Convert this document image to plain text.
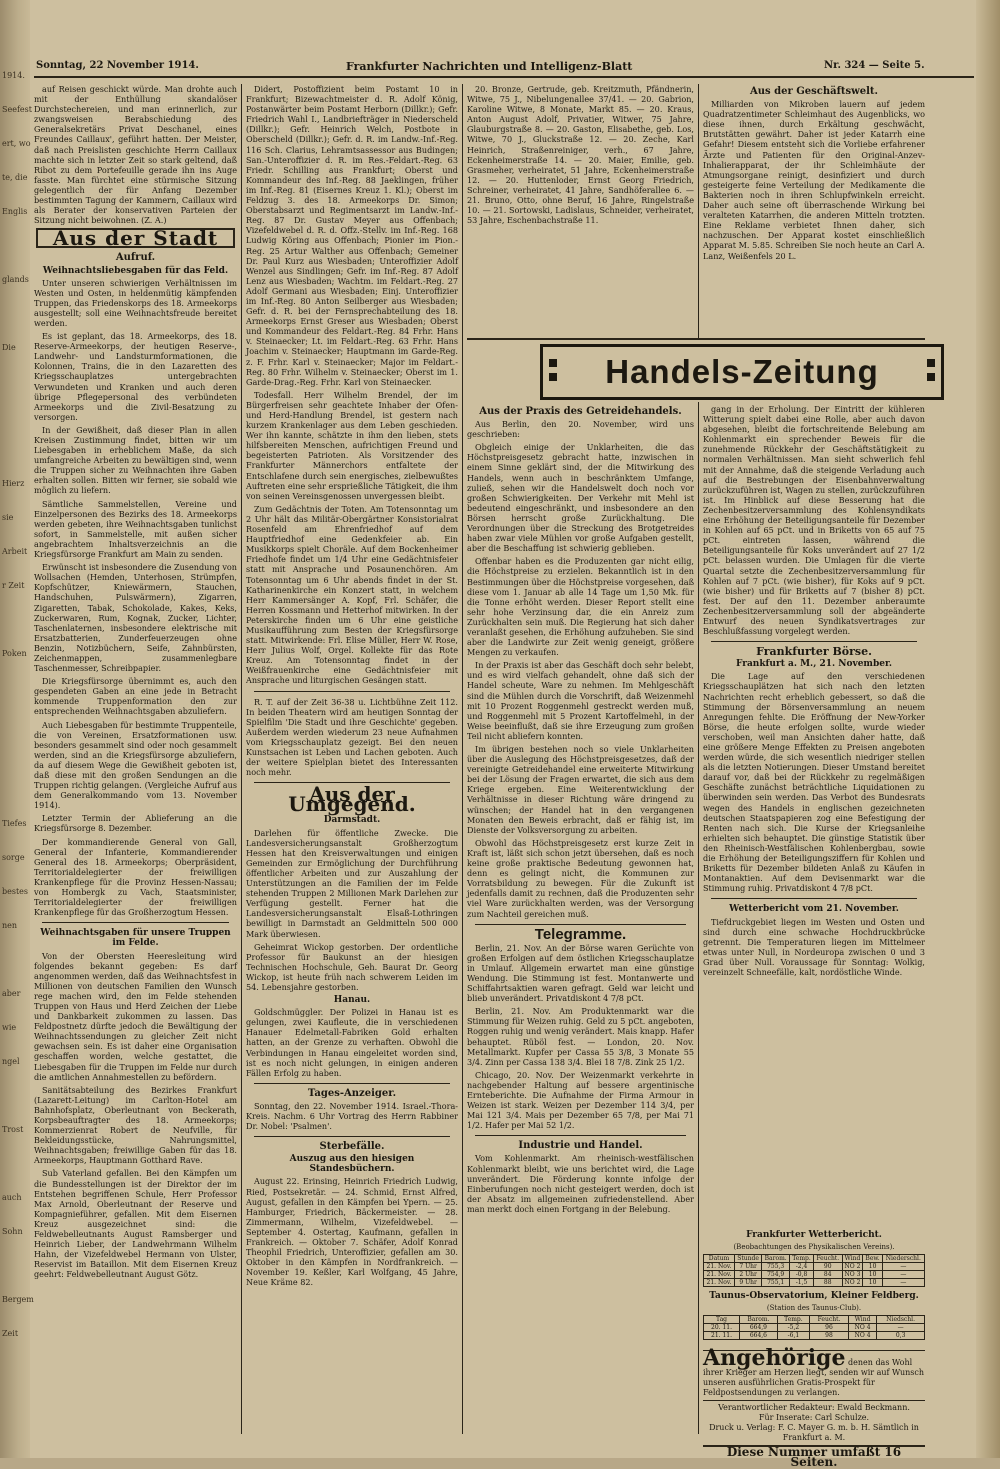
Sonntag, 22 November 1914.	Frankfurter Nachrichten und Intelligenz-Blatt	Nr. 324 — Seite 5.

auf Reisen geschickt würde. Man drohte auch mit der Enthüllung skandalöser Durchstechereien, und man erinnerlich, zur zwangsweisen Berabschiedung des Generalsekretärs Privat Deschanel, eines Freundes Caillaux', geführt hatten. Der Meister, daß nach Preislisten geschichte Herrn Caillaux machte sich in letzter Zeit so stark geltend, daß Ribot zu dem Portefeuille gerade ihn ins Auge fasste. Man fürchtet eine stürmische Sitzung gelegentlich der für Anfang Dezember bestimmten Tagung der Kammern, Caillaux wird als Berater der konservativen Parteien der Sitzung nicht beiwohnen. (Z. A.)

Aus der Stadt
Aufruf.
Weihnachtsliebesgaben für das Feld.

Unter unseren schwierigen Verhältnissen im Westen und Osten, in heldenmütig kämpfenden Truppen, das Friedenskorps des 18. Armeekorps ausgestellt; soll eine Weihnachtsfreude bereitet werden.

Es ist geplant, das 18. Armeekorps, des 18. Reserve-Armeekorps, der heutigen Reserve-, Landwehr- und Landsturmformationen, die Kolonnen, Trains, die in den Lazaretten des Kriegsschauplatzes untergebrachten Verwundeten und Kranken und auch deren übrige Pflegepersonal des verbündeten Armeekorps und die Zivil-Besatzung zu versorgen.

In der Gewißheit, daß dieser Plan in allen Kreisen Zustimmung findet, bitten wir um Liebesgaben in erheblichem Maße, da sich umfangreiche Arbeiten zu bewältigen sind, wenn die Truppen sicher zu Weihnachten ihre Gaben erhalten sollen. Bitten wir ferner, sie sobald wie möglich zu liefern.

Sämtliche Sammelstellen, Vereine und Einzelpersonen des Bezirks des 18. Armeekorps werden gebeten, ihre Weihnachtsgaben tunlichst sofort, in Sammelstelle, mit außen sicher angebrachtem Inhaltsverzeichnis an die Kriegsfürsorge Frankfurt am Main zu senden.

Erwünscht ist insbesondere die Zusendung von Wollsachen (Hemden, Unterhosen, Strümpfen, Kopfschützer, Kniewärmern, Stauchen, Handschuhen, Pulswärmern), Zigarren, Zigaretten, Tabak, Schokolade, Kakes, Keks, Zuckerwaren, Rum, Kognak, Zucker, Lichter, Taschenlaternen, insbesondere elektrische mit Ersatzbatterien, Zunderfeuerzeugen ohne Benzin, Notizbüchern, Seife, Zahnbürsten, Zeichenmappen, zusammenlegbare Taschenmesser, Schreibpapier.

Die Kriegsfürsorge übernimmt es, auch den gespendeten Gaben an eine jede in Betracht kommende Truppenformation den zur entsprechenden Weihnachtsgaben abzuliefern.

Auch Liebesgaben für bestimmte Truppenteile, die von Vereinen, Ersatzformationen usw. besonders gesammelt sind oder noch gesammelt werden, sind an die Kriegsfürsorge abzuliefern, da auf diesem Wege die Gewißheit geboten ist, daß diese mit den großen Sendungen an die Truppen richtig gelangen. (Vergleiche Aufruf aus dem Generalkommando vom 13. November 1914).

Letzter Termin der Ablieferung an die Kriegsfürsorge 8. Dezember.

Der kommandierende General von Gall, General der Infanterie, Kommandierender General des 18. Armeekorps; Oberpräsident, Territorialdelegierter der freiwilligen Krankenpflege für die Provinz Hessen-Nassau; von Hombergk zu Vach, Staatsminister, Territorialdelegierter der freiwilligen Krankenpflege für das Großherzogtum Hessen.

Weihnachtsgaben für unsere Truppen im Felde.

Von der Obersten Heeresleitung wird folgendes bekannt gegeben: Es darf angenommen werden, daß das Weihnachtsfest in Millionen von deutschen Familien den Wunsch rege machen wird, den im Felde stehenden Truppen von Haus und Herd Zeichen der Liebe und Dankbarkeit zukommen zu lassen. Das Feldpostnetz dürfte jedoch die Bewältigung der Weihnachtssendungen zu gleicher Zeit nicht gewachsen sein. Es ist daher eine Organisation geschaffen worden, welche gestattet, die Liebesgaben für die Truppen im Felde nur durch die amtlichen Annahmestellen zu befördern.

Sanitätsabteilung des Bezirkes Frankfurt (Lazarett-Leitung) im Carlton-Hotel am Bahnhofsplatz, Oberleutnant von Beckerath, Korpsbeauftragter des 18. Armeekorps; Kommerzienrat Robert de Neufville, für Bekleidungsstücke, Nahrungsmittel, Weihnachtsgaben; freiwillige Gaben für das 18. Armeekorps, Hauptmann Gotthard Rave.

Sub Vaterland gefallen. Bei den Kämpfen um die Bundesstellungen ist der Direktor der im Entstehen begriffenen Schule, Herr Professor Max Arnold, Oberleutnant der Reserve und Kompagnieführer, gefallen. Mit dem Eisernen Kreuz ausgezeichnet sind: die Feldwebelleutnants August Ramsberger und Heinrich Lieber, der Landwehrmann Wilhelm Hahn, der Vizefeldwebel Hermann von Ulster, Reservist im Bataillon. Mit dem Eisernen Kreuz geehrt: Feldwebelleutnant August Götz.

Didert, Postoffizient beim Postamt 10 in Frankfurt; Bizewachtmeister d. R. Adolf König, Postanwärter beim Postamt Herborn (Dillkr.); Gefr. Friedrich Wahl I., Landbriefträger in Niederscheld (Dillkr.); Gefr. Heinrich Welch, Postbote in Oberscheld (Dillkr.); Gefr. d. R. im Landw.-Inf.-Reg. 116 Sch. Clarius, Lehramtsassessor aus Budingen; San.-Unteroffizier d. R. im Res.-Feldart.-Reg. 63 Friedr. Schilling aus Frankfurt; Oberst und Kommandeur des Inf.-Reg. 88 Jaeklingen, früher im Inf.-Reg. 81 (Eisernes Kreuz 1. Kl.); Oberst im Feldzug 3. des 18. Armeekorps Dr. Simon; Oberstabsarzt und Regimentsarzt im Landw.-Inf.-Reg. 87 Dr. Gustav Meyer aus Offenbach; Vizefeldwebel d. R. d. Offz.-Stellv. im Inf.-Reg. 168 Ludwig Köring aus Offenbach; Pionier im Pion.-Reg. 25 Artur Walther aus Offenbach; Gemeiner Dr. Paul Kurz aus Wiesbaden; Unteroffizier Adolf Wenzel aus Sindlingen; Gefr. im Inf.-Reg. 87 Adolf Lenz aus Wiesbaden; Wachtm. im Feldart.-Reg. 27 Adolf Germani aus Wiesbaden; Einj. Unteroffizier im Inf.-Reg. 80 Anton Seilberger aus Wiesbaden; Gefr. d. R. bei der Fernsprechabteilung des 18. Armeekorps Ernst Greser aus Wiesbaden; Oberst und Kommandeur des Feldart.-Reg. 84 Frhr. Hans v. Steinaecker; Lt. im Feldart.-Reg. 63 Frhr. Hans Joachim v. Steinaecker; Hauptmann im Garde-Reg. z. F. Frhr. Karl v. Steinaecker; Major im Feldart.-Reg. 80 Frhr. Wilhelm v. Steinaecker; Oberst im 1. Garde-Drag.-Reg. Frhr. Karl von Steinaecker.

Todesfall. Herr Wilhelm Brendel, der im Bürgerfreisen sehr geachtete Inhaber der Ofen- und Herd-Handlung Brendel, ist gestern nach kurzem Krankenlager aus dem Leben geschieden. Wer ihn kannte, schätzte in ihm den lieben, stets hilfsbereiten Menschen, aufrichtigen Freund und begeisterten Patrioten. Als Vorsitzender des Frankfurter Männerchors entfaltete der Entschlafene durch sein energisches, zielbewußtes Auftreten eine sehr ersprießliche Tätigkeit, die ihm von seinen Vereinsgenossen unvergessen bleibt.

Zum Gedächtnis der Toten. Am Totensonntag um 2 Uhr hält das Militär-Obergärtner Konsistorialrat Rosenfeld am Ehrenfriedhof auf dem Hauptfriedhof eine Gedenkfeier ab. Ein Musikkorps spielt Choräle. Auf dem Bockenheimer Friedhofe findet um 1/4 Uhr eine Gedächtnisfeier statt mit Ansprache und Posaunenchören. Am Totensonntag um 6 Uhr abends findet in der St. Katharinenkirche ein Konzert statt, in welchem Herr Kammersänger A. Kopf, Frl. Schäfer, die Herren Kossmann und Hetterhof mitwirken. In der Peterskirche finden um 6 Uhr eine geistliche Musikaufführung zum Besten der Kriegsfürsorge statt. Mitwirkende: Frl. Elise Müller, Herr W. Rose, Herr Julius Wolf, Orgel. Kollekte für das Rote Kreuz. Am Totensonntag findet in der Weißfrauenkirche eine Gedächtnisfeier mit Ansprache und liturgischen Gesängen statt.

R. T. auf der Zeit 36-38 u. Lichtbühne Zeit 112. In beiden Theatern wird am heutigen Sonntag der Spielfilm 'Die Stadt und ihre Geschichte' gegeben. Außerdem werden wiederum 23 neue Aufnahmen vom Kriegsschauplatz gezeigt. Bei den neuen Kunstsachen ist Leben und Lachen geboten. Auch der weitere Spielplan bietet des Interessanten noch mehr.

Aus der Umgegend.
Darmstadt.

Darlehen für öffentliche Zwecke. Die Landesversicherungsanstalt Großherzogtum Hessen hat den Kreisverwaltungen und einigen Gemeinden zur Ermöglichung der Durchführung öffentlicher Arbeiten und zur Auszahlung der Unterstützungen an die Familien der im Felde stehenden Truppen 2 Millionen Mark Darlehen zur Verfügung gestellt. Ferner hat die Landesversicherungsanstalt Elsaß-Lothringen bewilligt in Darmstadt an Geldmitteln 500 000 Mark überwiesen.

Geheimrat Wickop gestorben. Der ordentliche Professor für Baukunst an der hiesigen Technischen Hochschule, Geh. Baurat Dr. Georg Wickop, ist heute früh nach schwerem Leiden im 54. Lebensjahre gestorben.

Hanau.

Goldschmüggler. Der Polizei in Hanau ist es gelungen, zwei Kaufleute, die in verschiedenen Hanauer Edelmetall-Fabriken Gold erhalten hatten, an der Grenze zu verhaften. Obwohl die Verbindungen in Hanau eingeleitet worden sind, ist es noch nicht gelungen, in einigen anderen Fällen Erfolg zu haben.

Tages-Anzeiger.

Sonntag, den 22. November 1914. Israel.-Thora-Kreis. Nachm. 6 Uhr Vortrag des Herrn Rabbiner Dr. Nobel: 'Psalmen'.

Sterbefälle.
Auszug aus den hiesigen Standesbüchern.

August 22. Erinsing, Heinrich Friedrich Ludwig, Ried, Postsekretär. — 24. Schmid, Ernst Alfred, August, gefallen in den Kämpfen bei Ypern. — 25. Hamburger, Friedrich, Bäckermeister. — 28. Zimmermann, Wilhelm, Vizefeldwebel. — September 4. Ostertag, Kaufmann, gefallen in Frankreich. — Oktober 7. Schäfer, Adolf Konrad Theophil Friedrich, Unteroffizier, gefallen am 30. Oktober in den Kämpfen in Nordfrankreich. — November 19. Keßler, Karl Wolfgang, 45 Jahre, Neue Kräme 82.

20. Bronze, Gertrude, geb. Kreitzmuth, Pfändnerin, Witwe, 75 J., Nibelungenallee 37/41. — 20. Gabrion, Karoline Witwe, 8 Monate, Markt 85. — 20. Kraus, Anton August Adolf, Privatier, Witwer, 75 Jahre, Glauburgstraße 8. — 20. Gaston, Elisabethe, geb. Los, Witwe, 70 J., Gluckstraße 12. — 20. Zeche, Karl Heinrich, Straßenreiniger, verh., 67 Jahre, Eckenheimerstraße 14. — 20. Maier, Emilie, geb. Grasmeher, verheiratet, 51 Jahre, Eckenheimerstraße 12. — 20. Huttenloder, Ernst Georg Friedrich, Schreiner, verheiratet, 41 Jahre, Sandhöferallee 6. — 21. Bruno, Otto, ohne Beruf, 16 Jahre, Ringelstraße 10. — 21. Sortowski, Ladislaus, Schneider, verheiratet, 53 Jahre, Eschenbachstraße 11.

Aus der Geschäftswelt.

Milliarden von Mikroben lauern auf jedem Quadratzentimeter Schleimhaut des Augenblicks, wo diese ihnen, durch Erkältung geschwächt, Brutstätten gewährt. Daher ist jeder Katarrh eine Gefahr! Diesem entsteht sich die Vorliebe erfahrener Ärzte und Patienten für den Original-Anzev-Inhalierapparat, der ihr Schleimhäute der Atmungsorgane reinigt, desinfiziert und durch gesteigerte feine Verteilung der Medikamente die Bakterien noch in ihren Schlupfwinkeln erreicht. Daher auch seine oft überraschende Wirkung bei veralteten Katarrhen, die anderen Mitteln trotzten. Eine Reklame verbietet Ihnen daher, sich nachzuschen. Der Apparat kostet einschließlich Apparat M. 5.85. Schreiben Sie noch heute an Carl A. Lanz, Weißenfels 20 L.

Handels-Zeitung
Aus der Praxis des Getreidehandels.

Aus Berlin, den 20. November, wird uns geschrieben:

Obgleich einige der Unklarheiten, die das Höchstpreisgesetz gebracht hatte, inzwischen in einem Sinne geklärt sind, der die Mitwirkung des Handels, wenn auch in beschränktem Umfange, zuließ, sehen wir die Handelswelt doch noch vor großen Schwierigkeiten. Der Verkehr mit Mehl ist bedeutend eingeschränkt, und insbesondere an den Börsen herrscht große Zurückhaltung. Die Verordnungen über die Streckung des Brotgetreides haben zwar viele Mühlen vor große Aufgaben gestellt, aber die Beschaffung ist schwierig geblieben.

Offenbar haben es die Produzenten gar nicht eilig, die Höchstpreise zu erzielen. Bekanntlich ist in den Bestimmungen über die Höchstpreise vorgesehen, daß diese vom 1. Januar ab alle 14 Tage um 1,50 Mk. für die Tonne erhöht werden. Dieser Report stellt eine sehr hohe Verzinsung dar, die ein Anreiz zum Zurückhalten sein muß. Die Regierung hat sich daher veranlaßt gesehen, die Erhöhung aufzuheben. Sie sind aber die Landwirte zur Zeit wenig geneigt, größere Mengen zu verkaufen.

In der Praxis ist aber das Geschäft doch sehr belebt, und es wird vielfach gehandelt, ohne daß sich der Handel scheute, Ware zu nehmen. Im Mehlgeschäft sind die Mühlen durch die Vorschrift, daß Weizenmehl mit 10 Prozent Roggenmehl gestreckt werden muß, und Roggenmehl mit 5 Prozent Kartoffelmehl, in der Weise beeinflußt, daß sie ihre Erzeugung zum großen Teil nicht abliefern konnten.

Im übrigen bestehen noch so viele Unklarheiten über die Auslegung des Höchstpreisgesetzes, daß der vereinigte Getreidehandel eine erweiterte Mitwirkung bei der Lösung der Fragen erwartet, die sich aus dem Kriege ergeben. Eine Weiterentwicklung der Verhältnisse in dieser Richtung wäre dringend zu wünschen; der Handel hat in den vergangenen Monaten den Beweis erbracht, daß er fähig ist, im Dienste der Volksversorgung zu arbeiten.

Obwohl das Höchstpreisgesetz erst kurze Zeit in Kraft ist, läßt sich schon jetzt übersehen, daß es noch keine große praktische Bedeutung gewonnen hat, denn es gelingt nicht, die Kommunen zur Vorratsbildung zu bewegen. Für die Zukunft ist jedenfalls damit zu rechnen, daß die Produzenten sehr viel Ware zurückhalten werden, was der Versorgung zum Nachteil gereichen muß.

Telegramme.

Berlin, 21. Nov. An der Börse waren Gerüchte von großen Erfolgen auf dem östlichen Kriegsschauplatze in Umlauf. Allgemein erwartet man eine günstige Wendung. Die Stimmung ist fest. Montanwerte und Schiffahrtsaktien waren gefragt. Geld war leicht und blieb unverändert. Privatdiskont 4 7/8 pCt.

Berlin, 21. Nov. Am Produktenmarkt war die Stimmung für Weizen ruhig. Geld zu 5 pCt. angeboten, Roggen ruhig und wenig verändert. Mais knapp. Hafer behauptet. Rüböl fest. — London, 20. Nov. Metallmarkt. Kupfer per Cassa 55 3/8, 3 Monate 55 3/4. Zinn per Cassa 138 3/4. Blei 18 7/8. Zink 25 1/2.

Chicago, 20. Nov. Der Weizenmarkt verkehrte in nachgebender Haltung auf bessere argentinische Ernteberichte. Die Aufnahme der Firma Armour in Weizen ist stark. Weizen per Dezember 114 3/4, per Mai 121 3/4. Mais per Dezember 65 7/8, per Mai 71 1/2. Hafer per Mai 52 1/2.

Industrie und Handel.

Vom Kohlenmarkt. Am rheinisch-westfälischen Kohlenmarkt bleibt, wie uns berichtet wird, die Lage unverändert. Die Förderung konnte infolge der Einberufungen noch nicht gesteigert werden, doch ist der Absatz im allgemeinen zufriedenstellend. Aber man merkt doch einen Fortgang in der Belebung.

gang in der Erholung. Der Eintritt der kühleren Witterung spielt dabei eine Rolle, aber auch davon abgesehen, bleibt die fortschreitende Belebung am Kohlenmarkt ein sprechender Beweis für die zunehmende Rückkehr der Geschäftstätigkeit zu normalen Verhältnissen. Man sieht schwerlich fehl mit der Annahme, daß die steigende Verladung auch auf die Bestrebungen der Eisenbahnverwaltung zurückzuführen ist, Wagen zu stellen, zurückzuführen ist. Im Hinblick auf diese Besserung hat die Zechenbesitzerversammlung des Kohlensyndikats eine Erhöhung der Beteiligungsanteile für Dezember in Kohlen auf 65 pCt. und in Briketts von 65 auf 75 pCt. eintreten lassen, während die Beteiligungsanteile für Koks unverändert auf 27 1/2 pCt. belassen wurden. Die Umlagen für die vierte Quartal setzte die Zechenbesitzerversammlung für Kohlen auf 7 pCt. (wie bisher), für Koks auf 9 pCt. (wie bisher) und für Briketts auf 7 (bisher 8) pCt. fest. Der auf den 11. Dezember anberaumte Zechenbesitzerversammlung soll der abgeänderte Entwurf des neuen Syndikatsvertrages zur Beschlußfassung vorgelegt werden.

Frankfurter Börse.
Frankfurt a. M., 21. November.

Die Lage auf den verschiedenen Kriegsschauplätzen hat sich nach den letzten Nachrichten recht erheblich gebessert, so daß die Stimmung der Börsenversammlung an neuem Anregungen fehlte. Die Eröffnung der New-Yorker Börse, die heute erfolgen sollte, wurde wieder verschoben, weil man Ansichten daher hatte, daß eine größere Menge Effekten zu Preisen angeboten werden würde, die sich wesentlich niedriger stellen als die letzten Notierungen. Dieser Umstand bereitet darauf vor, daß bei der Rückkehr zu regelmäßigen Geschäfte zunächst beträchtliche Liquidationen zu überwinden sein werden. Das Verbot des Bundesrats wegen des Handels in englischen gezeichneten deutschen Staatspapieren zog eine Befestigung der Renten nach sich. Die Kurse der Kriegsanleihe erhielten sich behauptet. Die günstige Statistik über den Rheinisch-Westfälischen Kohlenbergbau, sowie die Erhöhung der Beteiligungsziffern für Kohlen und Briketts für Dezember bildeten Anlaß zu Käufen in Montanaktien. Auf dem Devisenmarkt war die Stimmung ruhig. Privatdiskont 4 7/8 pCt.

Wetterbericht vom 21. November.

Tiefdruckgebiet liegen im Westen und Osten und sind durch eine schwache Hochdruckbrücke getrennt. Die Temperaturen liegen im Mittelmeer etwas unter Null, in Nordeuropa zwischen 0 und 3 Grad über Null. Voraussage für Sonntag: Wolkig, vereinzelt Schneefälle, kalt, nordöstliche Winde.

Frankfurter Wetterbericht.
(Beobachtungen des Physikalischen Vereins).
Datum	Stunde	Barom.	Temp.	Feucht.	Wind	Bew.	Niederschl.
21. Nov.	7 Uhr	755,3	-2,4	90	NO 2	10	—
21. Nov.	2 Uhr	754,9	-0,8	84	NO 3	10	—
21. Nov.	9 Uhr	755,1	-1,5	88	NO 2	10	—
Taunus-Observatorium, Kleiner Feldberg.
(Station des Taunus-Club).
Tag	Barom.	Temp.	Feucht.	Wind	Niedschl.
20. 11.	664,9	-5,2	96	NO 4	—
21. 11.	664,6	-6,1	98	NO 4	0,3
1914.
Seefest
ert, wo
te, die
Englis
glands
Die
Hierz
sie
Arbeit
r Zeit
Poken
Tiefes
sorge
bestes
nen
aber
wie
ngel
Trost
auch
Sohn
Bergem
Zeit
Angehörige denen das Wohl ihrer Krieger am Herzen liegt, senden wir auf Wunsch unseren ausführlichen Gratis-Prospekt für Feldpostsendungen zu verlangen.
Verantwortlicher Redakteur: Ewald Beckmann.
Für Inserate: Carl Schulze.
Druck u. Verlag: F. C. Mayer G. m. b. H. Sämtlich in Frankfurt a. M.
Diese Nummer umfaßt 16 Seiten.
